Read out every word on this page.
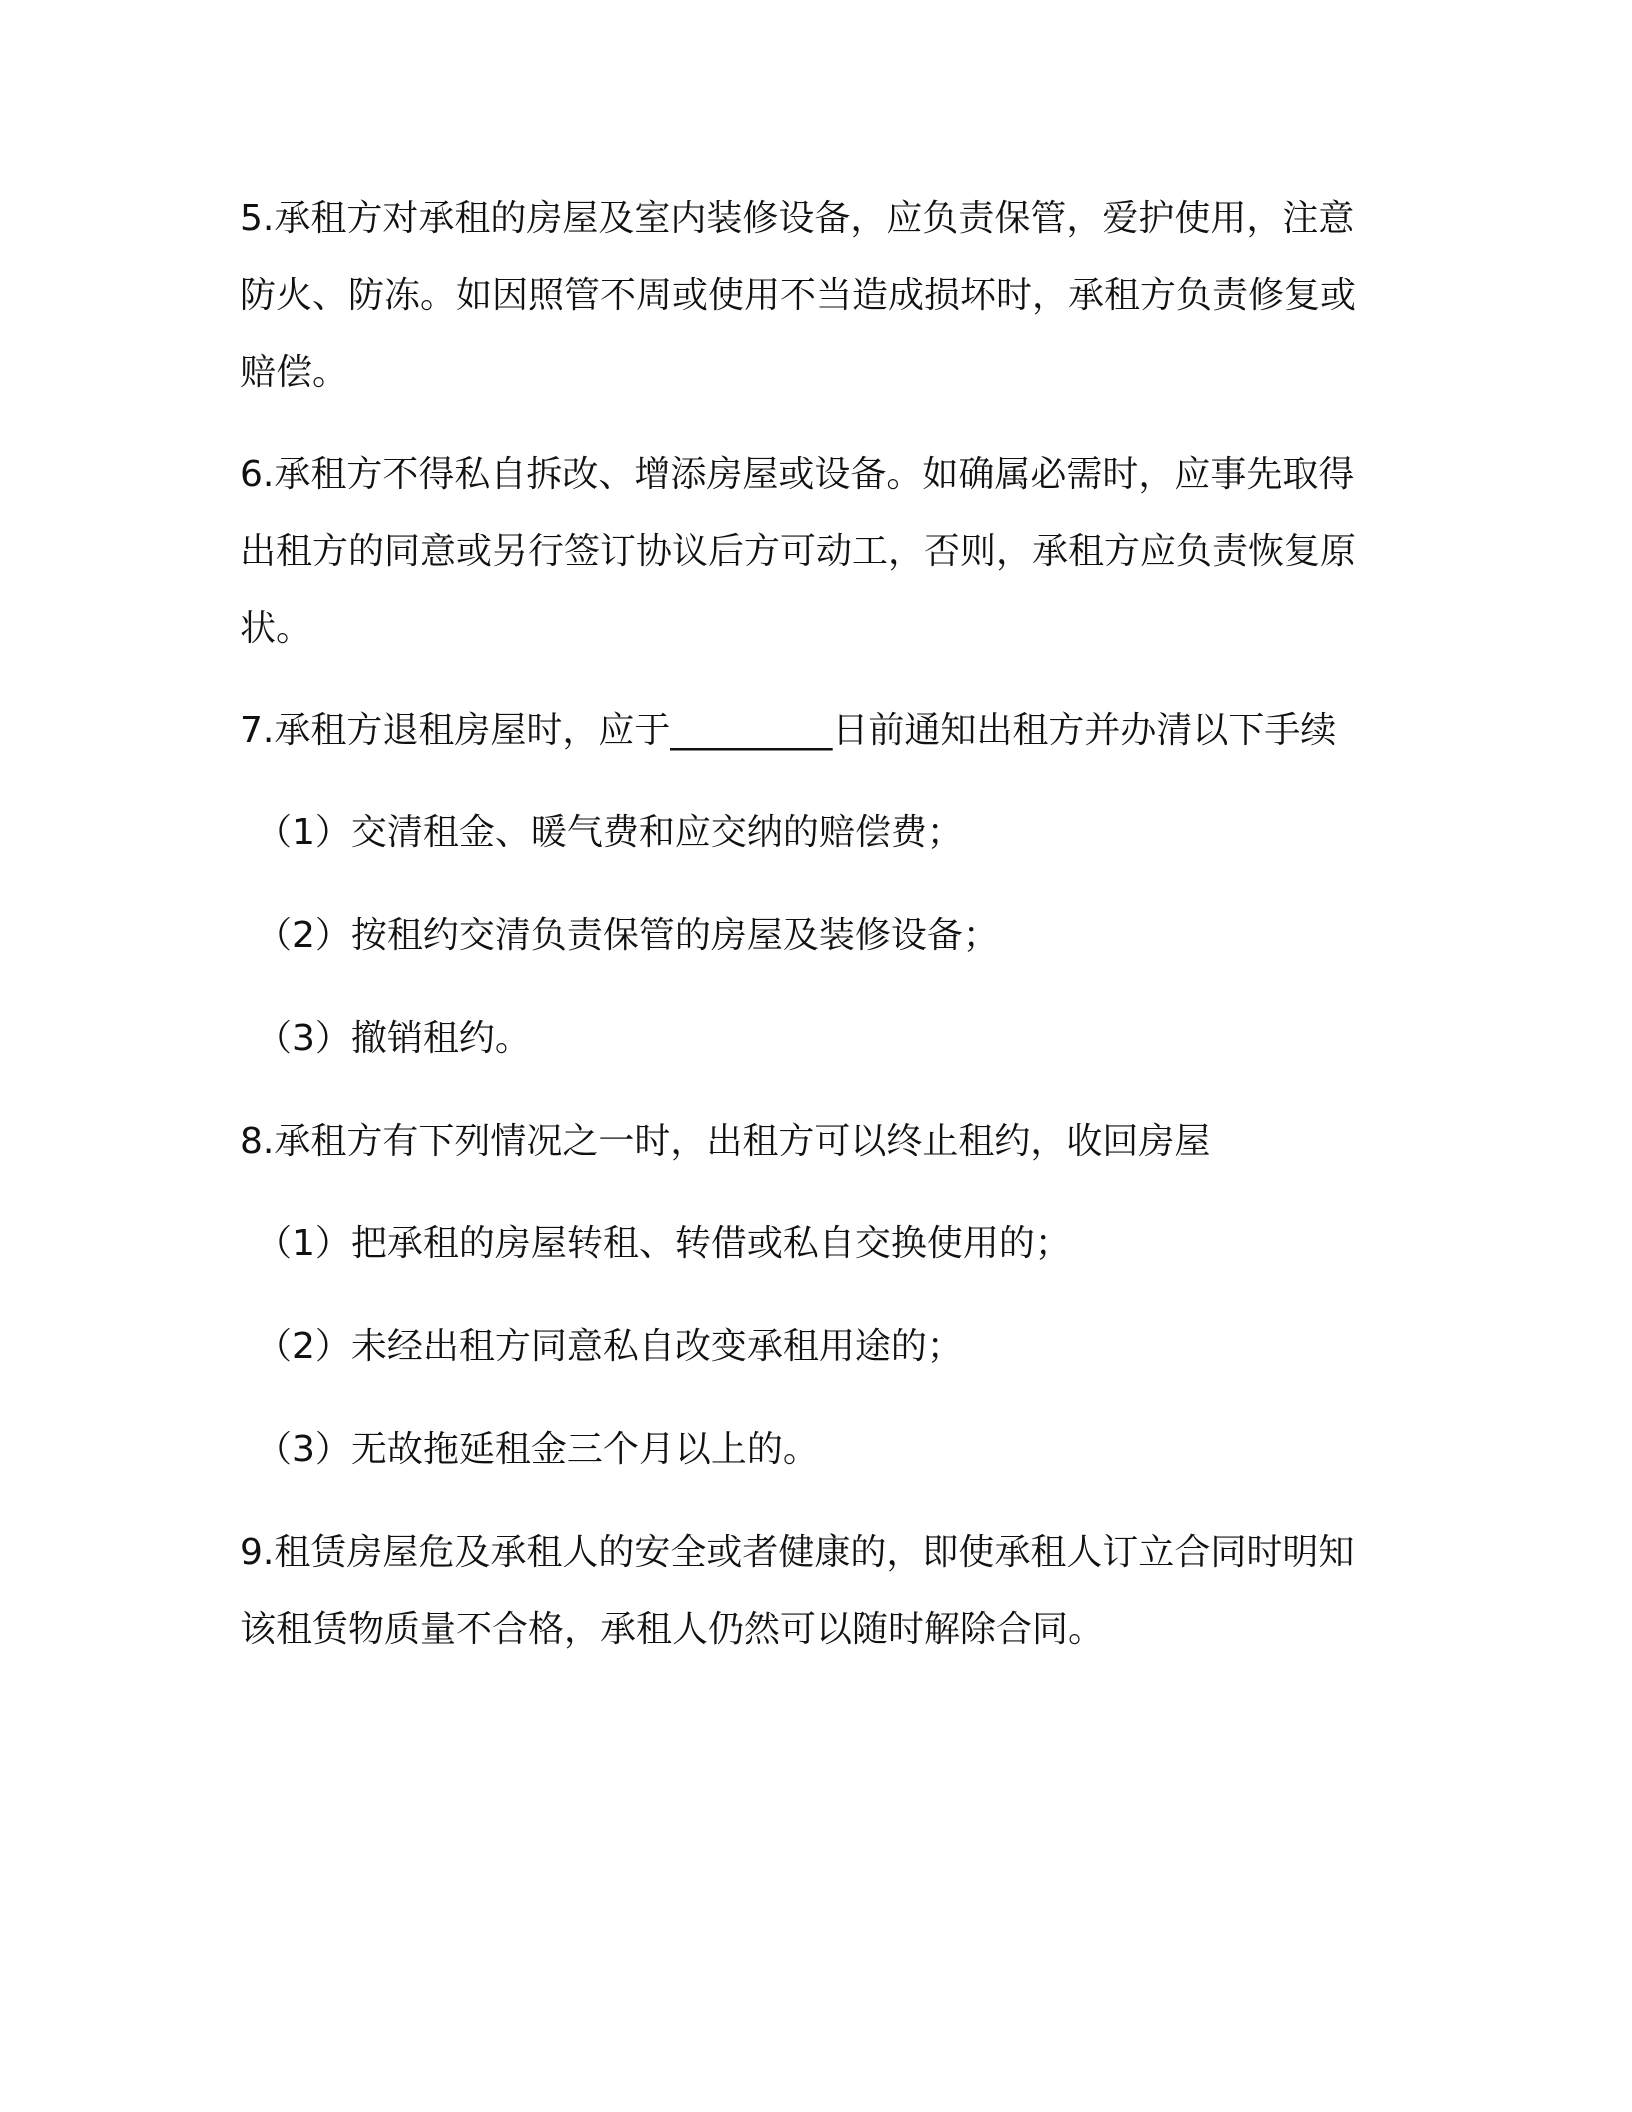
5.承租方对承租的房屋及室内装修设备，应负责保管，爱护使用，注意防火、防冻。如因照管不周或使用不当造成损坏时，承租方负责修复或赔偿。

6.承租方不得私自拆改、增添房屋或设备。如确属必需时，应事先取得出租方的同意或另行签订协议后方可动工，否则，承租方应负责恢复原状。

7.承租方退租房屋时，应于_________日前通知出租方并办清以下手续

（1）交清租金、暖气费和应交纳的赔偿费；

（2）按租约交清负责保管的房屋及装修设备；

（3）撤销租约。

8.承租方有下列情况之一时，出租方可以终止租约，收回房屋

（1）把承租的房屋转租、转借或私自交换使用的；

（2）未经出租方同意私自改变承租用途的；

（3）无故拖延租金三个月以上的。

9.租赁房屋危及承租人的安全或者健康的，即使承租人订立合同时明知该租赁物质量不合格，承租人仍然可以随时解除合同。
